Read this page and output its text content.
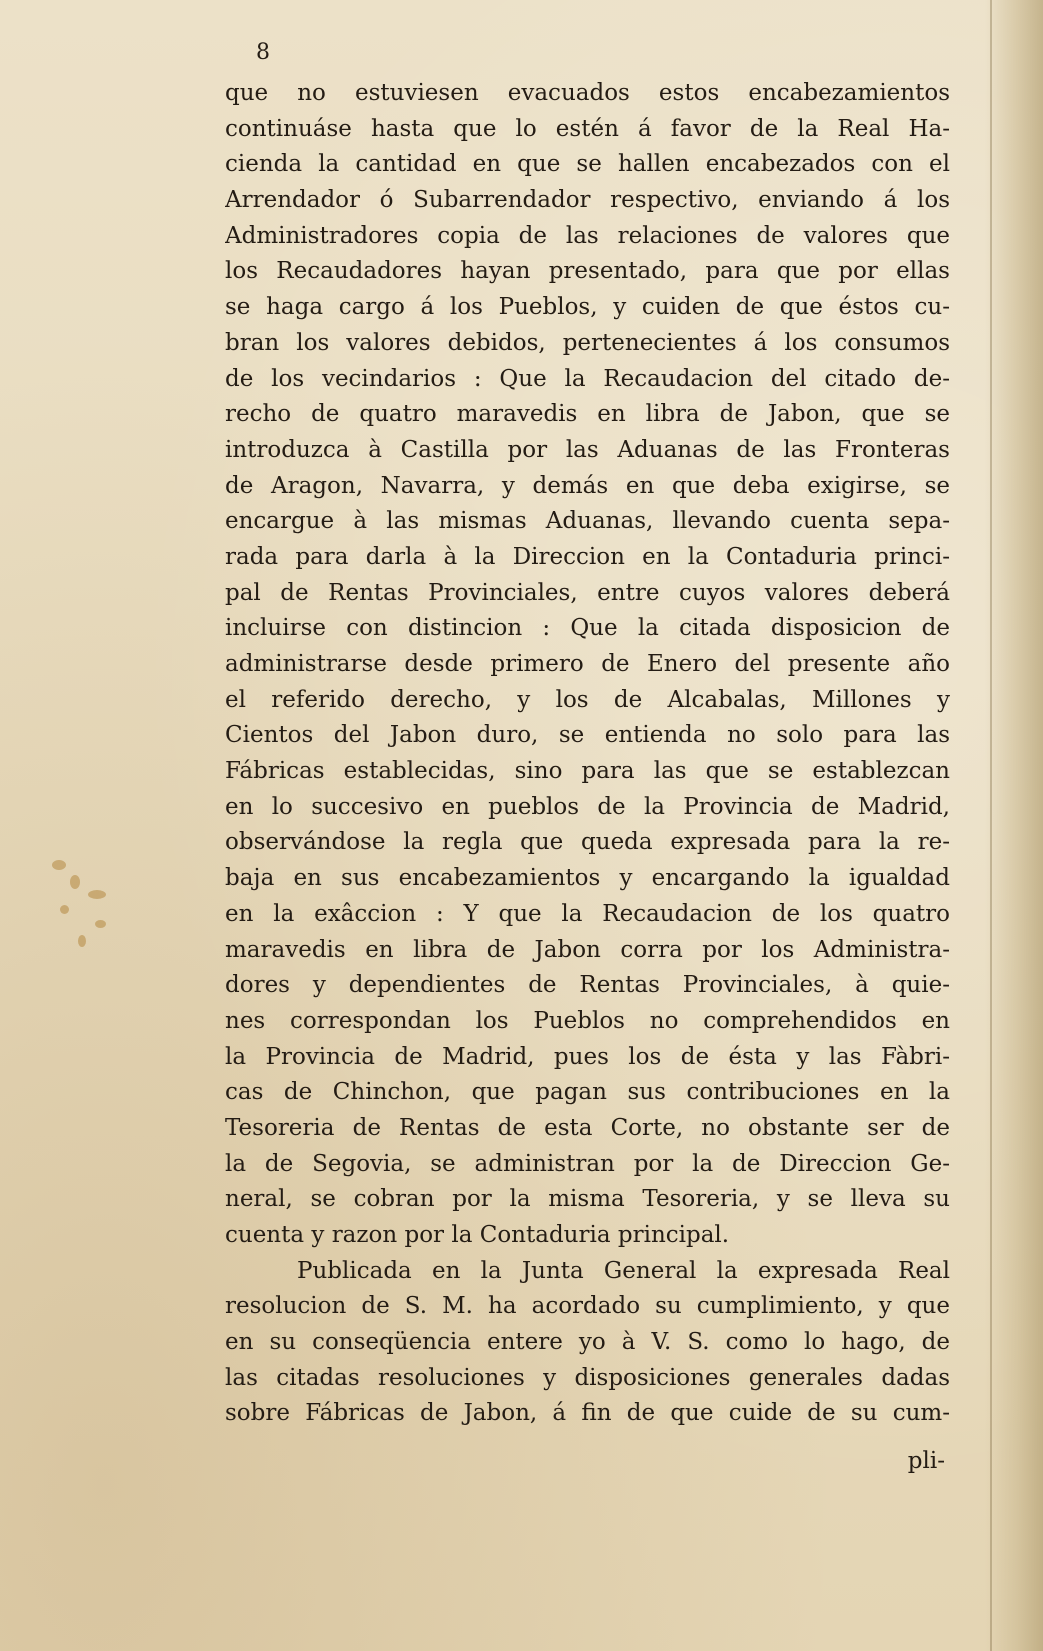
8
que no estuviesen evacuados estos encabezamientos
continuáse hasta que lo estén á favor de la Real Ha-
cienda la cantidad en que se hallen encabezados con el
Arrendador ó Subarrendador respectivo, enviando á los
Administradores copia de las relaciones de valores que
los Recaudadores hayan presentado, para que por ellas
se haga cargo á los Pueblos, y cuiden de que éstos cu-
bran los valores debidos, pertenecientes á los consumos
de los vecindarios : Que la Recaudacion del citado de-
recho de quatro maravedis en libra de Jabon, que se
introduzca à Castilla por las Aduanas de las Fronteras
de Aragon, Navarra, y demás en que deba exigirse, se
encargue à las mismas Aduanas, llevando cuenta sepa-
rada para darla à la Direccion en la Contaduria princi-
pal de Rentas Provinciales, entre cuyos valores deberá
incluirse con distincion : Que la citada disposicion de
administrarse desde primero de Enero del presente año
el referido derecho, y los de Alcabalas, Millones y
Cientos del Jabon duro, se entienda no solo para las
Fábricas establecidas, sino para las que se establezcan
en lo succesivo en pueblos de la Provincia de Madrid,
observándose la regla que queda expresada para la re-
baja en sus encabezamientos y encargando la igualdad
en la exâccion : Y que la Recaudacion de los quatro
maravedis en libra de Jabon corra por los Administra-
dores y dependientes de Rentas Provinciales, à quie-
nes correspondan los Pueblos no comprehendidos en
la Provincia de Madrid, pues los de ésta y las Fàbri-
cas de Chinchon, que pagan sus contribuciones en la
Tesoreria de Rentas de esta Corte, no obstante ser de
la de Segovia, se administran por la de Direccion Ge-
neral, se cobran por la misma Tesoreria, y se lleva su
cuenta y razon por la Contaduria principal.
Publicada en la Junta General la expresada Real
resolucion de S. M. ha acordado su cumplimiento, y que
en su conseqüencia entere yo à V. S. como lo hago, de
las citadas resoluciones y disposiciones generales dadas
sobre Fábricas de Jabon, á fin de que cuide de su cum-
pli-
